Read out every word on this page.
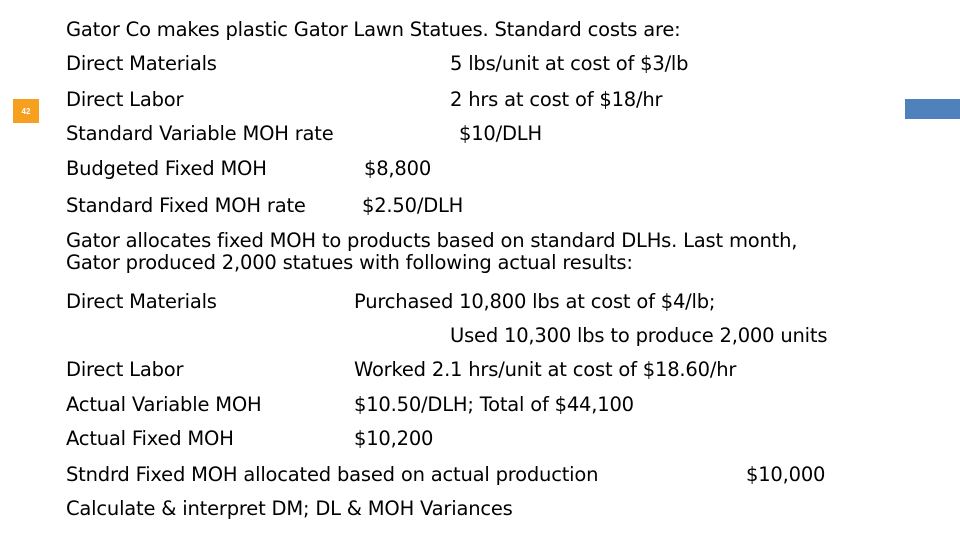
42
Gator Co makes plastic Gator Lawn Statues. Standard costs are:
Direct Materials	5 lbs/unit at cost of $3/lb
Direct Labor	2 hrs at cost of $18/hr
Standard Variable MOH rate	$10/DLH
Budgeted Fixed MOH	$8,800
Standard Fixed MOH rate	$2.50/DLH
Gator allocates fixed MOH to products based on standard DLHs. Last month,
Gator produced 2,000 statues with following actual results:
Direct Materials	Purchased 10,800 lbs at cost of $4/lb;
Used 10,300 lbs to produce 2,000 units
Direct Labor	Worked 2.1 hrs/unit at cost of $18.60/hr
Actual Variable MOH	$10.50/DLH; Total of $44,100
Actual Fixed MOH	$10,200
Stndrd Fixed MOH allocated based on actual production	$10,000
Calculate & interpret DM; DL & MOH Variances
